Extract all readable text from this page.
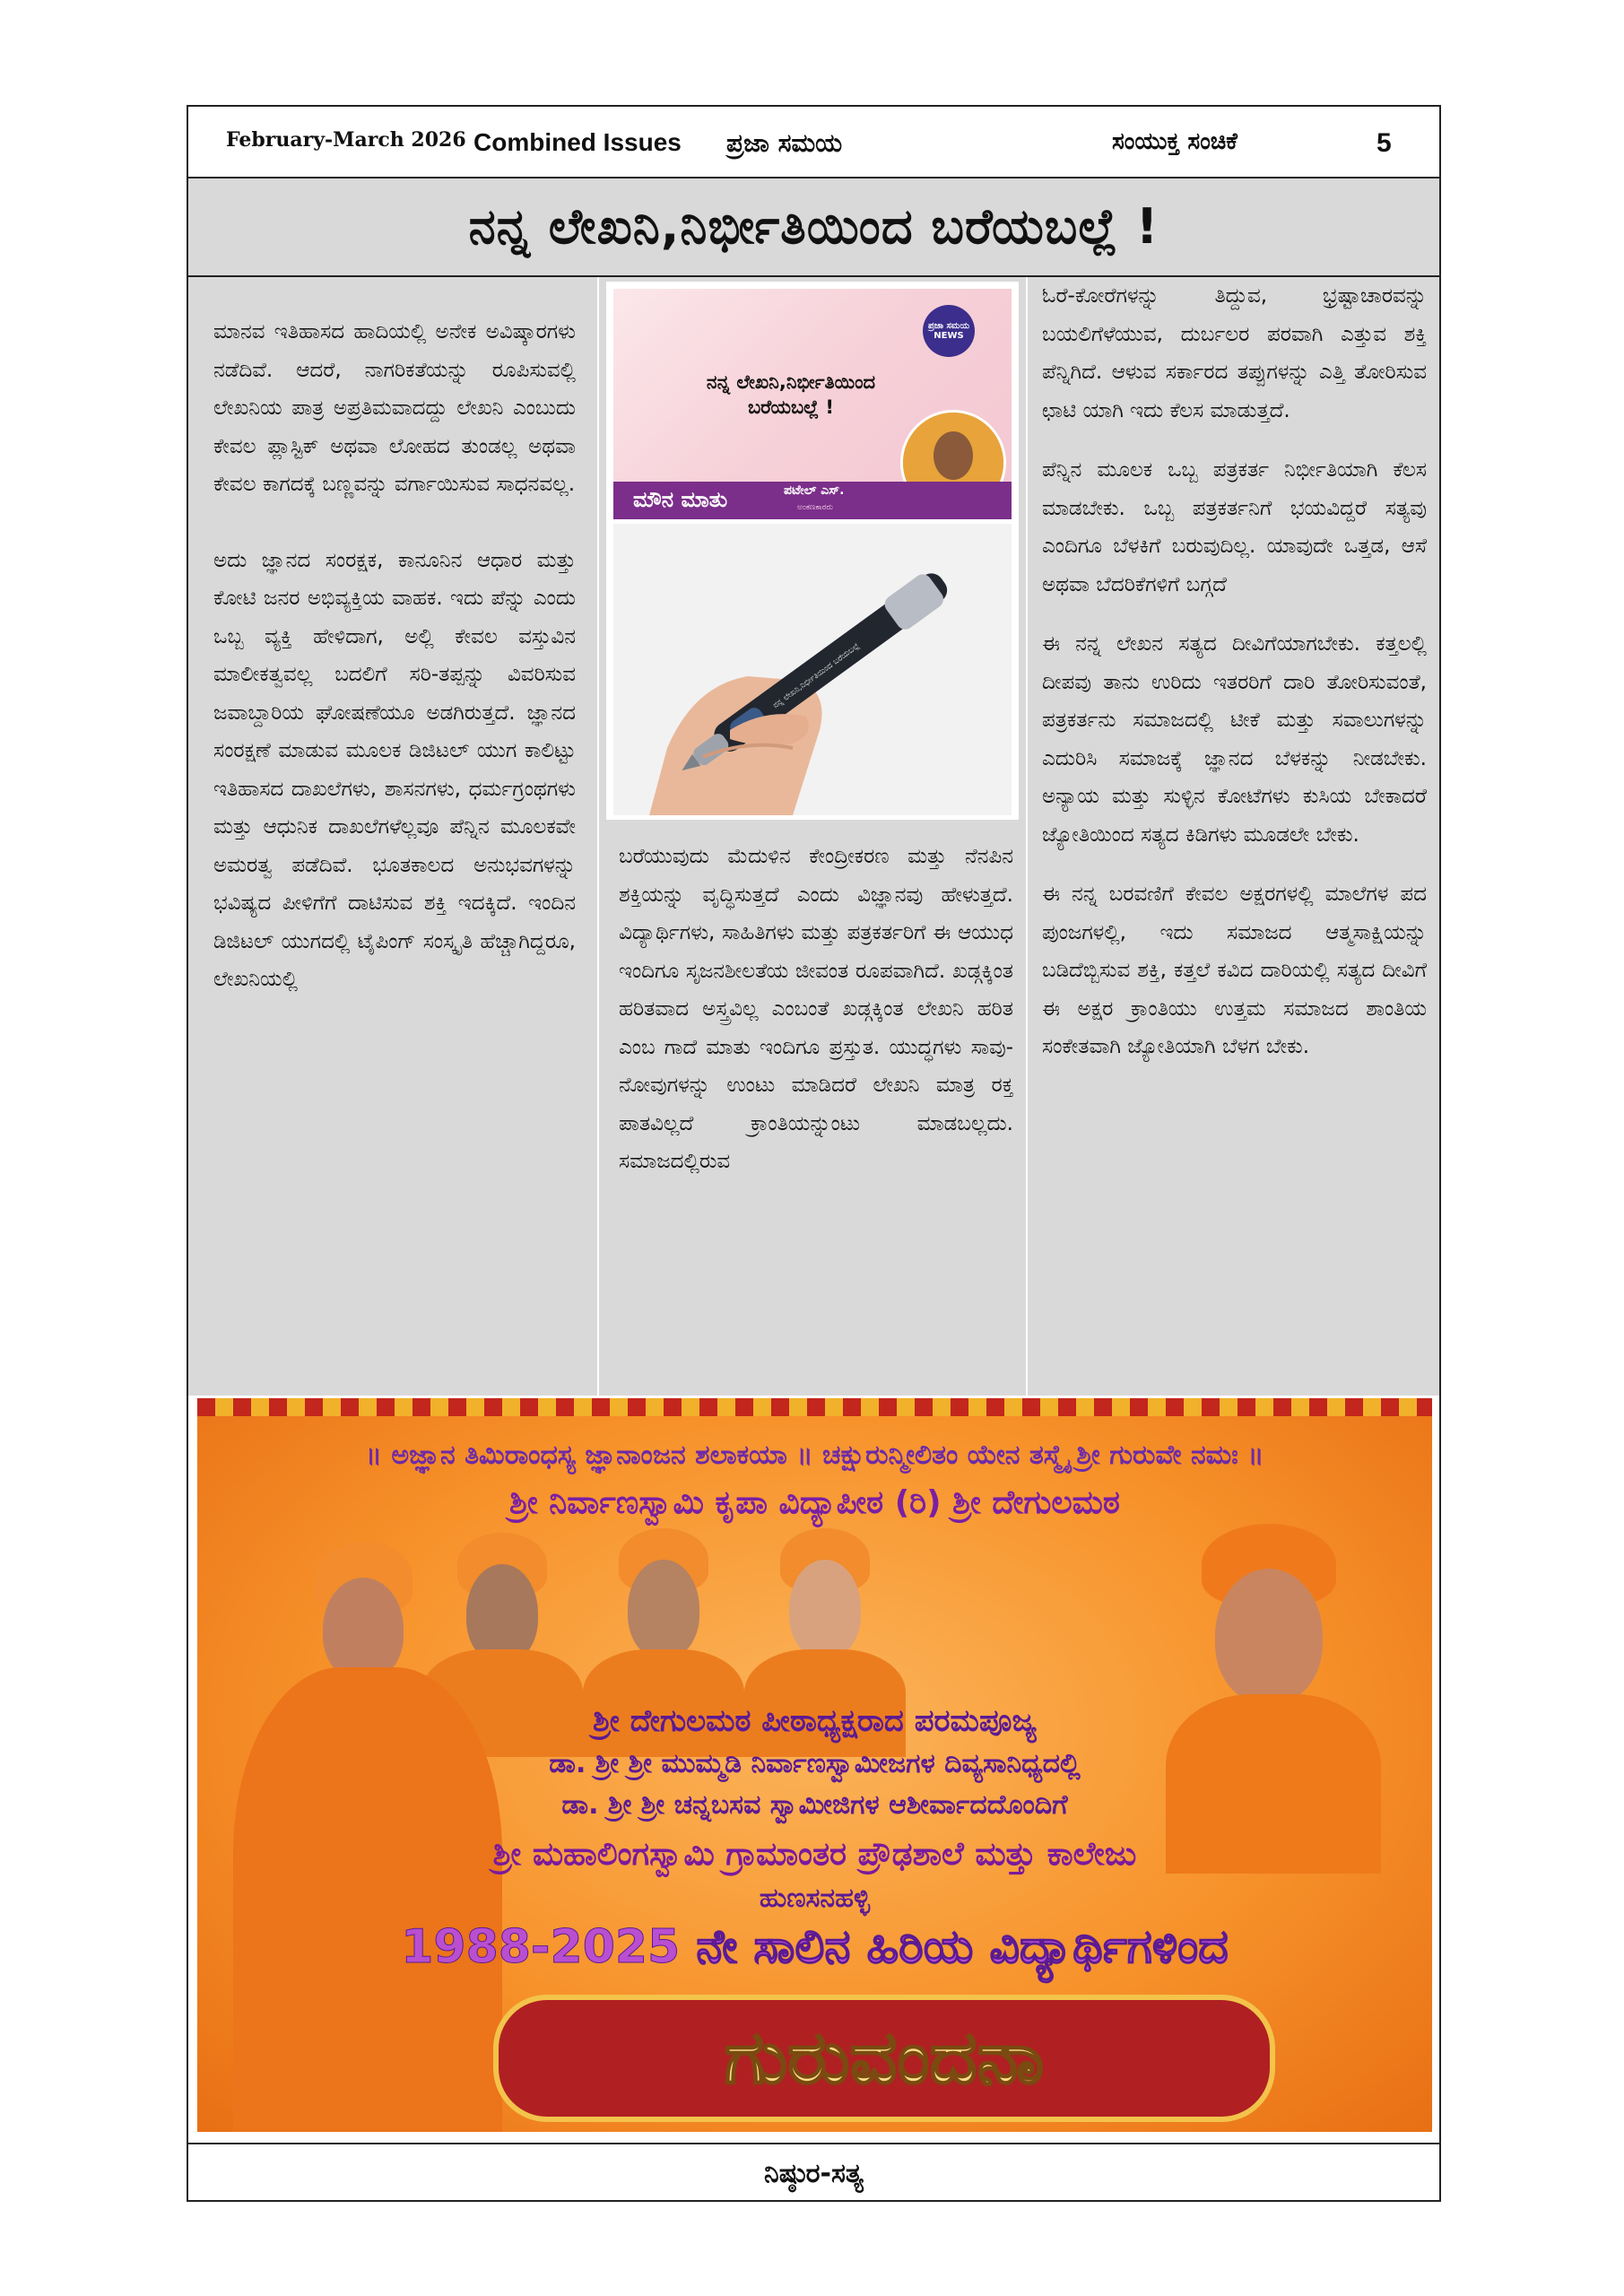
February-March 2026 Combined Issues ಪ್ರಜಾ ಸಮಯ	ಸಂಯುಕ್ತ ಸಂಚಿಕೆ	5
ನನ್ನ ಲೇಖನಿ,ನಿರ್ಭೀತಿಯಿಂದ ಬರೆಯಬಲ್ಲೆ !

ಮಾನವ ಇತಿಹಾಸದ ಹಾದಿಯಲ್ಲಿ ಅನೇಕ ಅವಿಷ್ಕಾರಗಳು ನಡೆದಿವೆ. ಆದರೆ, ನಾಗರಿಕತೆಯನ್ನು ರೂಪಿಸುವಲ್ಲಿ ಲೇಖನಿಯ ಪಾತ್ರ ಅಪ್ರತಿಮವಾದದ್ದು ಲೇಖನಿ ಎಂಬುದು ಕೇವಲ ಪ್ಲಾಸ್ಟಿಕ್ ಅಥವಾ ಲೋಹದ ತುಂಡಲ್ಲ ಅಥವಾ ಕೇವಲ ಕಾಗದಕ್ಕೆ ಬಣ್ಣವನ್ನು ವರ್ಗಾಯಿಸುವ ಸಾಧನವಲ್ಲ.

ಅದು ಜ್ಞಾನದ ಸಂರಕ್ಷಕ, ಕಾನೂನಿನ ಆಧಾರ ಮತ್ತು ಕೋಟಿ ಜನರ ಅಭಿವ್ಯಕ್ತಿಯ ವಾಹಕ. ಇದು ಪೆನ್ನು ಎಂದು ಒಬ್ಬ ವ್ಯಕ್ತಿ ಹೇಳಿದಾಗ, ಅಲ್ಲಿ ಕೇವಲ ವಸ್ತುವಿನ ಮಾಲೀಕತ್ವವಲ್ಲ ಬದಲಿಗೆ ಸರಿ-ತಪ್ಪನ್ನು ವಿವರಿಸುವ ಜವಾಬ್ದಾರಿಯ ಘೋಷಣೆಯೂ ಅಡಗಿರುತ್ತದೆ. ಜ್ಞಾನದ ಸಂರಕ್ಷಣೆ ಮಾಡುವ ಮೂಲಕ ಡಿಜಿಟಲ್ ಯುಗ ಕಾಲಿಟ್ಟು ಇತಿಹಾಸದ ದಾಖಲೆಗಳು, ಶಾಸನಗಳು, ಧರ್ಮಗ್ರಂಥಗಳು ಮತ್ತು ಆಧುನಿಕ ದಾಖಲೆಗಳೆಲ್ಲವೂ ಪೆನ್ನಿನ ಮೂಲಕವೇ ಅಮರತ್ವ ಪಡೆದಿವೆ. ಭೂತಕಾಲದ ಅನುಭವಗಳನ್ನು ಭವಿಷ್ಯದ ಪೀಳಿಗೆಗೆ ದಾಟಿಸುವ ಶಕ್ತಿ ಇದಕ್ಕಿದೆ. ಇಂದಿನ ಡಿಜಿಟಲ್ ಯುಗದಲ್ಲಿ ಟೈಪಿಂಗ್ ಸಂಸ್ಕೃತಿ ಹೆಚ್ಚಾಗಿದ್ದರೂ, ಲೇಖನಿಯಲ್ಲಿ

ಪ್ರಜಾ ಸಮಯ NEWS
ನನ್ನ ಲೇಖನಿ,ನಿರ್ಭೀತಿಯಿಂದ ಬರೆಯಬಲ್ಲೆ !
ಮೌನ ಮಾತು	ಪಟೇಲ್ ಎಸ್.
ಅಂಕಣಕಾರರು
ನನ್ನ ಲೇಖನಿ,ನಿರ್ಭೀತಿಯಿಂದ ಬರೆಯಬಲ್ಲೆ

ಬರೆಯುವುದು ಮೆದುಳಿನ ಕೇಂದ್ರೀಕರಣ ಮತ್ತು ನೆನಪಿನ ಶಕ್ತಿಯನ್ನು ವೃದ್ಧಿಸುತ್ತದೆ ಎಂದು ವಿಜ್ಞಾನವು ಹೇಳುತ್ತದೆ. ವಿದ್ಯಾರ್ಥಿಗಳು, ಸಾಹಿತಿಗಳು ಮತ್ತು ಪತ್ರಕರ್ತರಿಗೆ ಈ ಆಯುಧ ಇಂದಿಗೂ ಸೃಜನಶೀಲತೆಯ ಜೀವಂತ ರೂಪವಾಗಿದೆ. ಖಡ್ಗಕ್ಕಿಂತ ಹರಿತವಾದ ಅಸ್ತ್ರವಿಲ್ಲ ಎಂಬಂತೆ ಖಡ್ಗಕ್ಕಿಂತ ಲೇಖನಿ ಹರಿತ ಎಂಬ ಗಾದೆ ಮಾತು ಇಂದಿಗೂ ಪ್ರಸ್ತುತ. ಯುದ್ಧಗಳು ಸಾವು-ನೋವುಗಳನ್ನು ಉಂಟು ಮಾಡಿದರೆ ಲೇಖನಿ ಮಾತ್ರ ರಕ್ತ ಪಾತವಿಲ್ಲದೆ ಕ್ರಾಂತಿಯನ್ನುಂಟು ಮಾಡಬಲ್ಲದು. ಸಮಾಜದಲ್ಲಿರುವ

ಓರೆ-ಕೋರೆಗಳನ್ನು ತಿದ್ದುವ, ಭ್ರಷ್ಟಾಚಾರವನ್ನು ಬಯಲಿಗೆಳೆಯುವ, ದುರ್ಬಲರ ಪರವಾಗಿ ಎತ್ತುವ ಶಕ್ತಿ ಪೆನ್ನಿಗಿದೆ. ಆಳುವ ಸರ್ಕಾರದ ತಪ್ಪುಗಳನ್ನು ಎತ್ತಿ ತೋರಿಸುವ ಛಾಟಿ ಯಾಗಿ ಇದು ಕೆಲಸ ಮಾಡುತ್ತದೆ.

ಪೆನ್ನಿನ ಮೂಲಕ ಒಬ್ಬ ಪತ್ರಕರ್ತ ನಿರ್ಭೀತಿಯಾಗಿ ಕೆಲಸ ಮಾಡಬೇಕು. ಒಬ್ಬ ಪತ್ರಕರ್ತನಿಗೆ ಭಯವಿದ್ದರೆ ಸತ್ಯವು ಎಂದಿಗೂ ಬೆಳಕಿಗೆ ಬರುವುದಿಲ್ಲ. ಯಾವುದೇ ಒತ್ತಡ, ಆಸೆ ಅಥವಾ ಬೆದರಿಕೆಗಳಿಗೆ ಬಗ್ಗದೆ

ಈ ನನ್ನ ಲೇಖನ ಸತ್ಯದ ದೀವಿಗೆಯಾಗಬೇಕು. ಕತ್ತಲಲ್ಲಿ ದೀಪವು ತಾನು ಉರಿದು ಇತರರಿಗೆ ದಾರಿ ತೋರಿಸುವಂತೆ, ಪತ್ರಕರ್ತನು ಸಮಾಜದಲ್ಲಿ ಟೀಕೆ ಮತ್ತು ಸವಾಲುಗಳನ್ನು ಎದುರಿಸಿ ಸಮಾಜಕ್ಕೆ ಜ್ಞಾನದ ಬೆಳಕನ್ನು ನೀಡಬೇಕು. ಅನ್ಯಾಯ ಮತ್ತು ಸುಳ್ಳಿನ ಕೋಟೆಗಳು ಕುಸಿಯ ಬೇಕಾದರೆ ಜ್ಯೋತಿಯಿಂದ ಸತ್ಯದ ಕಿಡಿಗಳು ಮೂಡಲೇ ಬೇಕು.

ಈ ನನ್ನ ಬರವಣಿಗೆ ಕೇವಲ ಅಕ್ಷರಗಳಲ್ಲಿ ಮಾಲೆಗಳ ಪದ ಪುಂಜಗಳಲ್ಲಿ, ಇದು ಸಮಾಜದ ಆತ್ಮಸಾಕ್ಷಿಯನ್ನು ಬಡಿದೆಬ್ಬಿಸುವ ಶಕ್ತಿ, ಕತ್ತಲೆ ಕವಿದ ದಾರಿಯಲ್ಲಿ ಸತ್ಯದ ದೀವಿಗೆ ಈ ಅಕ್ಷರ ಕ್ರಾಂತಿಯು ಉತ್ತಮ ಸಮಾಜದ ಶಾಂತಿಯ ಸಂಕೇತವಾಗಿ ಜ್ಯೋತಿಯಾಗಿ ಬೆಳಗ ಬೇಕು.

॥ ಅಜ್ಞಾನ ತಿಮಿರಾಂಧಸ್ಯ ಜ್ಞಾನಾಂಜನ ಶಲಾಕಯಾ ॥ ಚಕ್ಷುರುನ್ಮೀಲಿತಂ ಯೇನ ತಸ್ಮೈ ಶ್ರೀ ಗುರುವೇ ನಮಃ ॥
ಶ್ರೀ ನಿರ್ವಾಣಸ್ವಾಮಿ ಕೃಪಾ ವಿದ್ಯಾಪೀಠ (ರಿ) ಶ್ರೀ ದೇಗುಲಮಠ
ಶ್ರೀ ದೇಗುಲಮಠ ಪೀಠಾಧ್ಯಕ್ಷರಾದ ಪರಮಪೂಜ್ಯ
ಡಾ. ಶ್ರೀ ಶ್ರೀ ಮುಮ್ಮಡಿ ನಿರ್ವಾಣಸ್ವಾಮೀಜಗಳ ದಿವ್ಯಸಾನಿಧ್ಯದಲ್ಲಿ
ಡಾ. ಶ್ರೀ ಶ್ರೀ ಚನ್ನಬಸವ ಸ್ವಾಮೀಜಿಗಳ ಆಶೀರ್ವಾದದೊಂದಿಗೆ
ಶ್ರೀ ಮಹಾಲಿಂಗಸ್ವಾಮಿ ಗ್ರಾಮಾಂತರ ಪ್ರೌಢಶಾಲೆ ಮತ್ತು ಕಾಲೇಜು
ಹುಣಸನಹಳ್ಳಿ
1988-2025 ನೇ ಸಾಲಿನ ಹಿರಿಯ ವಿದ್ಯಾರ್ಥಿಗಳಿಂದ
ಗುರುವಂದನಾ
ನಿಷ್ಠುರ-ಸತ್ಯ
